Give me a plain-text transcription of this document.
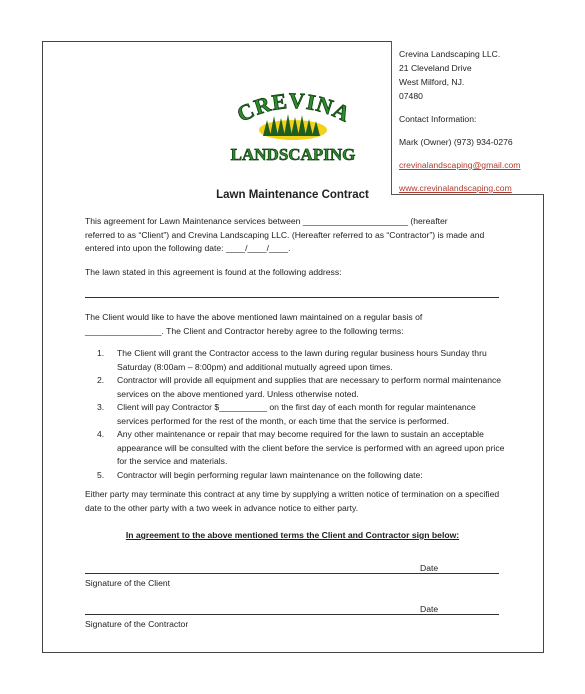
Crevina Landscaping LLC.
21 Cleveland Drive
West Milford, NJ.
07480
Contact Information:
Mark (Owner) (973) 934-0276
crevinalandscaping@gmail.com
www.crevinalandscaping.com
CREVINA
LANDSCAPING
Lawn Maintenance Contract
This agreement for Lawn Maintenance services between ______________________ (hereafter
referred to as “Client”) and Crevina Landscaping LLC. (Hereafter referred to as “Contractor”) is made and
entered into upon the following date: ____/____/____.
The lawn stated in this agreement is found at the following address:
The Client would like to have the above mentioned lawn maintained on a regular basis of
________________. The Client and Contractor hereby agree to the following terms:
1.	The Client will grant the Contractor access to the lawn during regular business hours Sunday thru Saturday (8:00am – 8:00pm) and additional mutually agreed upon times.
2.	Contractor will provide all equipment and supplies that are necessary to perform normal maintenance services on the above mentioned yard. Unless otherwise noted.
3.	Client will pay Contractor $__________ on the first day of each month for regular maintenance services performed for the rest of the month, or each time that the service is performed.
4.	Any other maintenance or repair that may become required for the lawn to sustain an acceptable appearance will be consulted with the client before the service is performed with an agreed upon price for the service and materials.
5.	Contractor will begin performing regular lawn maintenance on the following date:
Either party may terminate this contract at any time by supplying a written notice of termination on a specified date to the other party with a two week in advance notice to either party.
In agreement to the above mentioned terms the Client and Contractor sign below:
Date
Signature of the Client
Date
Signature of the Contractor
